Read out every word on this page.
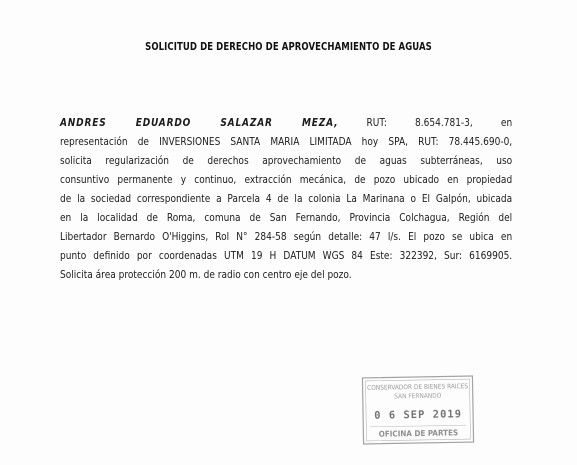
SOLICITUD DE DERECHO DE APROVECHAMIENTO DE AGUAS
ANDRES EDUARDO SALAZAR MEZA, RUT: 8.654.781-3, en
representación de INVERSIONES SANTA MARIA LIMITADA hoy SPA, RUT: 78.445.690-0,
solicita regularización de derechos aprovechamiento de aguas subterráneas, uso
consuntivo permanente y continuo, extracción mecánica, de pozo ubicado en propiedad
de la sociedad correspondiente a Parcela 4 de la colonia La Marinana o El Galpón, ubicada
en la localidad de Roma, comuna de San Fernando, Provincia Colchagua, Región del
Libertador Bernardo O'Higgins, Rol N° 284-58 según detalle: 47 l/s. El pozo se ubica en
punto definido por coordenadas UTM 19 H DATUM WGS 84 Este: 322392, Sur: 6169905.
Solicita área protección 200 m. de radio con centro eje del pozo.
CONSERVADOR DE BIENES RAICES
SAN FERNANDO
0 6 SEP 2019
OFICINA DE PARTES
